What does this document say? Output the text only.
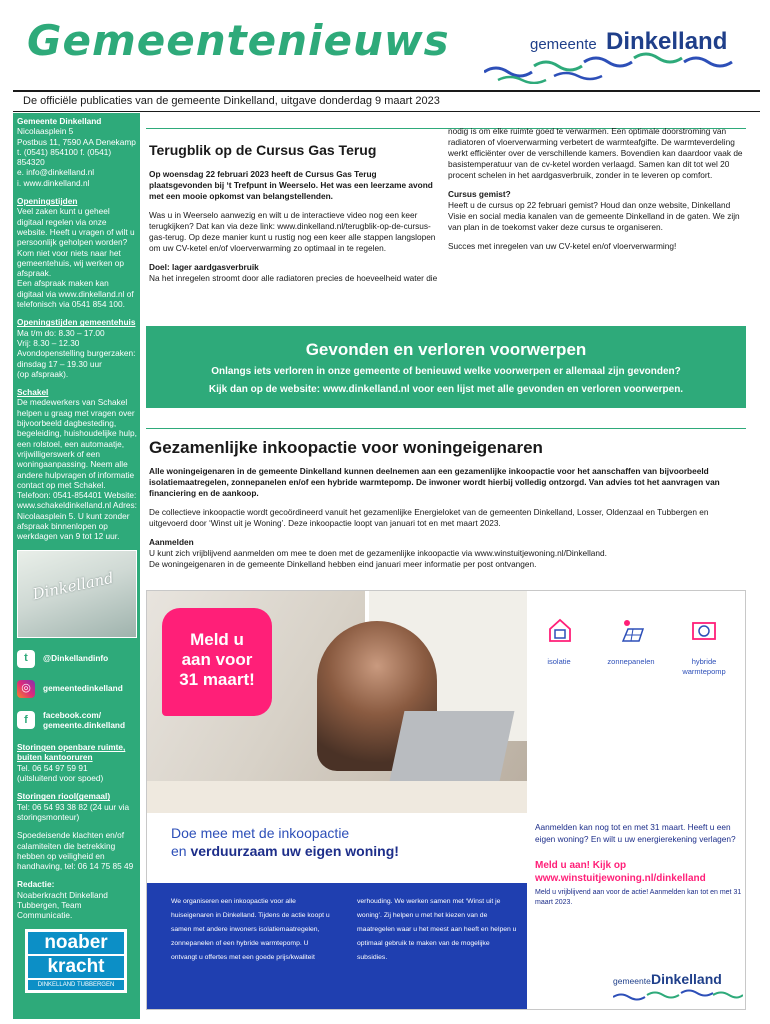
Gemeentenieuws	gemeente Dinkelland
De officiële publicaties van de gemeente Dinkelland, uitgave donderdag 9 maart 2023
Gemeente Dinkelland
Nicolaasplein 5
Postbus 11, 7590 AA Denekamp
t. (0541) 854100 f. (0541) 854320
e. info@dinkelland.nl
i. www.dinkelland.nl
Openingstijden
Veel zaken kunt u geheel digitaal regelen via onze website. Heeft u vragen of wilt u persoonlijk geholpen worden? Kom niet voor niets naar het gemeentehuis, wij werken op afspraak.
Een afspraak maken kan digitaal via www.dinkelland.nl of telefonisch via 0541 854 100.
Openingstijden gemeentehuis
Ma t/m do: 8.30 – 17.00
Vrij: 8.30 – 12.30
Avondopenstelling burgerzaken:
dinsdag 17 – 19.30 uur
(op afspraak).
Schakel
De medewerkers van Schakel helpen u graag met vragen over bijvoorbeeld dagbesteding, begeleiding, huishoudelijke hulp, een rolstoel, een automaatje, vrijwilligerswerk of een woningaanpassing. Neem alle andere hulpvragen of informatie contact op met Schakel. Telefoon: 0541-854401 Website: www.schakeldinkelland.nl Adres: Nicolaasplein 5. U kunt zonder afspraak binnenlopen op werkdagen van 9 tot 12 uur.
Dinkelland
t	@Dinkellandinfo
◎	gemeentedinkelland
f	facebook.com/
gemeente.dinkelland
Storingen openbare ruimte,
buiten kantooruren
Tel. 06 54 97 59 91
(uitsluitend voor spoed)
Storingen riool(gemaal)
Tel: 06 54 93 38 82 (24 uur via storingsmonteur)
Spoedeisende klachten en/of calamiteiten die betrekking hebben op veiligheid en handhaving, tel: 06 14 75 85 49
Redactie:
Noaberkracht Dinkelland Tubbergen, Team Communicatie.
noaber
kracht
DINKELLAND TUBBERGEN
Terugblik op de Cursus Gas Terug

Op woensdag 22 februari 2023 heeft de Cursus Gas Terug plaatsgevonden bij ‘t Trefpunt in Weerselo. Het was een leerzame avond met een mooie opkomst van belangstellenden.

Was u in Weerselo aanwezig en wilt u de interactieve video nog een keer terugkijken? Dat kan via deze link: www.dinkelland.nl/terugblik-op-de-cursus-gas-terug. Op deze manier kunt u rustig nog een keer alle stappen langslopen om uw CV-ketel en/of vloerverwarming zo optimaal in te regelen.

Doel: lager aardgasverbruik

Na het inregelen stroomt door alle radiatoren precies de hoeveelheid water die

nodig is om elke ruimte goed te verwarmen. Een optimale doorstroming van radiatoren of vloerverwarming verbetert de warmteafgifte. De warmteverdeling werkt efficiënter over de verschillende kamers. Bovendien kan daardoor vaak de basistemperatuur van de cv-ketel worden verlaagd. Samen kan dit tot wel 20 procent schelen in het aardgasverbruik, zonder in te leveren op comfort.

Cursus gemist?

Heeft u de cursus op 22 februari gemist? Houd dan onze website, Dinkelland Visie en social media kanalen van de gemeente Dinkelland in de gaten. We zijn van plan in de toekomst vaker deze cursus te organiseren.

Succes met inregelen van uw CV-ketel en/of vloerverwarming!

Gevonden en verloren voorwerpen
Onlangs iets verloren in onze gemeente of benieuwd welke voorwerpen er allemaal zijn gevonden?
Kijk dan op de website: www.dinkelland.nl voor een lijst met alle gevonden en verloren voorwerpen.
Gezamenlijke inkoopactie voor woningeigenaren

Alle woningeigenaren in de gemeente Dinkelland kunnen deelnemen aan een gezamenlijke inkoopactie voor het aanschaffen van bijvoorbeeld isolatiemaatregelen, zonnepanelen en/of een hybride warmtepomp. De inwoner wordt hierbij volledig ontzorgd. Van advies tot het aanvragen van financiering en de aankoop.

De collectieve inkoopactie wordt gecoördineerd vanuit het gezamenlijke Energieloket van de gemeenten Dinkelland, Losser, Oldenzaal en Tubbergen en uitgevoerd door ‘Winst uit je Woning’. Deze inkoopactie loopt van januari tot en met maart 2023.

Aanmelden

U kunt zich vrijblijvend aanmelden om mee te doen met de gezamenlijke inkoopactie via www.winstuitjewoning.nl/Dinkelland.

De woningeigenaren in de gemeente Dinkelland hebben eind januari meer informatie per post ontvangen.

Meld u
aan voor
31 maart!
isolatie	zonnepanelen	hybride warmtepomp
Doe mee met de inkoopactie
en verduurzaam uw eigen woning!
We organiseren een inkoopactie voor alle huiseigenaren in Dinkelland. Tijdens de actie koopt u samen met andere inwoners isolatiemaatregelen, zonnepanelen of een hybride warmtepomp. U ontvangt u offertes met een goede prijs/kwaliteit
verhouding. We werken samen met ‘Winst uit je woning’. Zij helpen u met het kiezen van de maatregelen waar u het meest aan heeft en helpen u optimaal gebruik te maken van de mogelijke subsidies.
Aanmelden kan nog tot en met 31 maart. Heeft u een eigen woning? En wilt u uw energierekening verlagen?
Meld u aan! Kijk op
www.winstuitjewoning.nl/dinkelland
Meld u vrijblijvend aan voor de actie! Aanmelden kan tot en met 31 maart 2023.
gemeente Dinkelland
